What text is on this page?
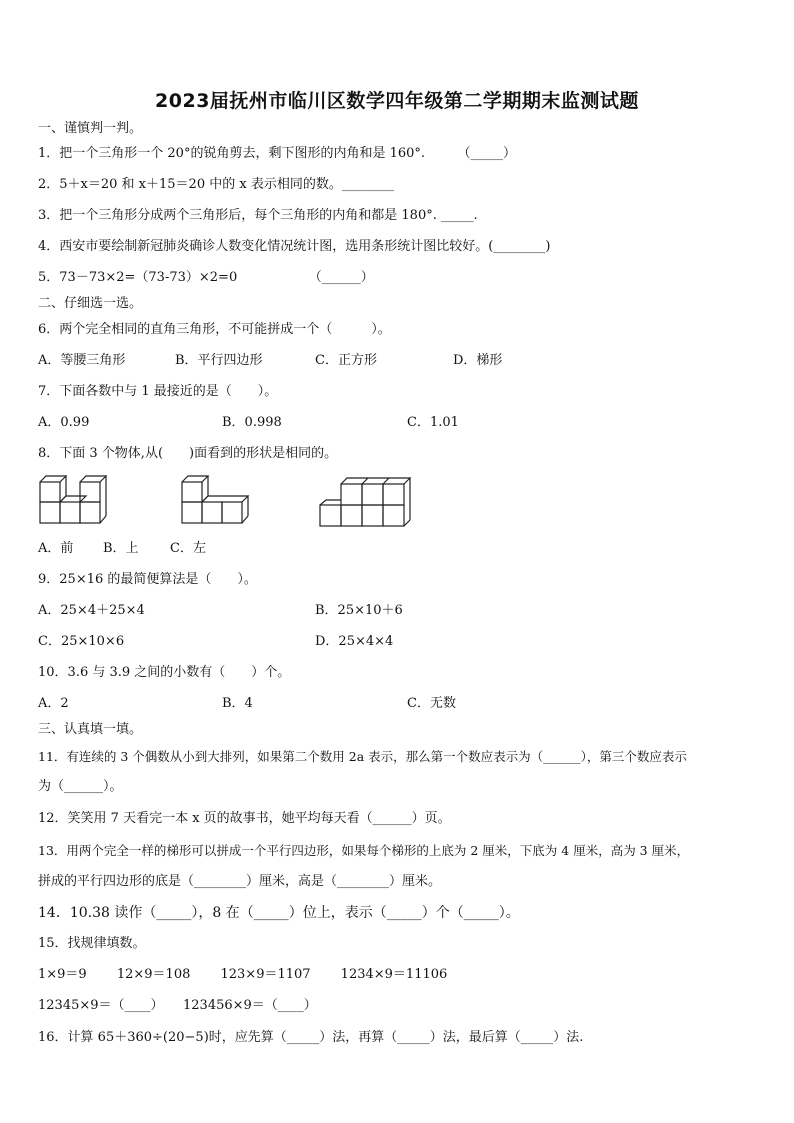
2023届抚州市临川区数学四年级第二学期期末监测试题
一、谨慎判一判。
1．把一个三角形一个 20°的锐角剪去，剩下图形的内角和是 160°.　　　（_____）
2．5＋x＝20 和 x＋15＝20 中的 x 表示相同的数。________
3．把一个三角形分成两个三角形后，每个三角形的内角和都是 180°. _____.
4．西安市要绘制新冠肺炎确诊人数变化情况统计图，选用条形统计图比较好。(________)
5．73－73×2=（73-73）×2=0　　　　　　（______）
二、仔细选一选。
6．两个完全相同的直角三角形，不可能拼成一个（　　　）。
A．等腰三角形	B．平行四边形	C．正方形	D．梯形
7．下面各数中与 1 最接近的是（　　）。
A．0.99	B．0.998	C．1.01
8．下面 3 个物体,从(　　)面看到的形状是相同的。
A．前 B．上 C．左
9．25×16 的最简便算法是（　　）。
A．25×4＋25×4	B．25×10＋6
C．25×10×6	D．25×4×4
10．3.6 与 3.9 之间的小数有（　　）个。
A．2	B．4	C．无数
三、认真填一填。
11．有连续的 3 个偶数从小到大排列，如果第二个数用 2a 表示，那么第一个数应表示为（______），第三个数应表示
为（______）。
12．笑笑用 7 天看完一本 x 页的故事书，她平均每天看（______）页。
13．用两个完全一样的梯形可以拼成一个平行四边形，如果每个梯形的上底为 2 厘米，下底为 4 厘米，高为 3 厘米，
拼成的平行四边形的底是（________）厘米，高是（________）厘米。
14．10.38 读作（_____），8 在（_____）位上，表示（_____）个（_____）。
15．找规律填数。
1×9＝9　　 12×9＝108　　 123×9＝1107　　 1234×9＝11106
12345×9＝（____）　　123456×9＝（____）
16．计算 65＋360÷(20−5)时，应先算（_____）法，再算（_____）法，最后算（_____）法.
